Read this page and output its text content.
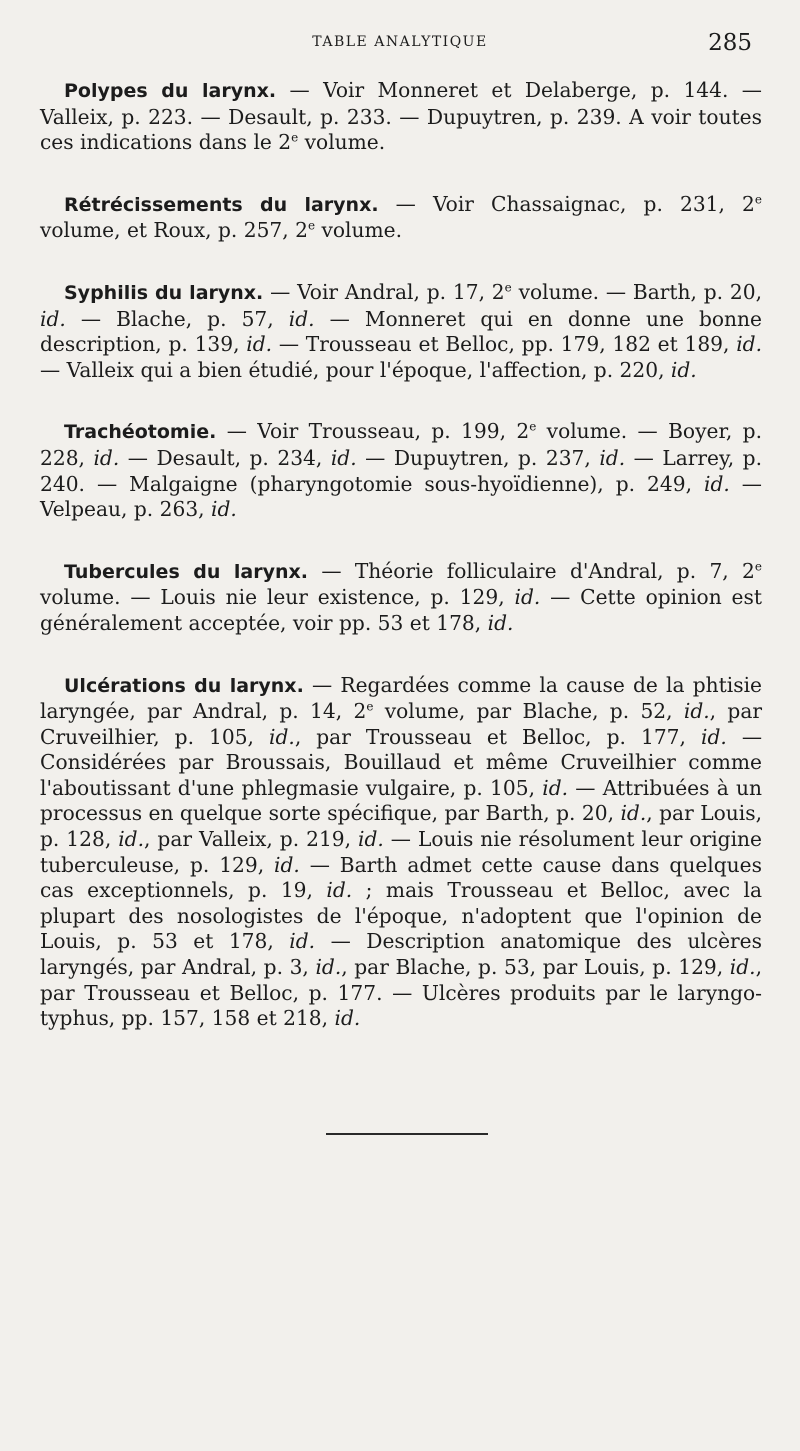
TABLE ANALYTIQUE	285

Polypes du larynx. — Voir Monneret et Delaberge, p. 144. — Valleix, p. 223. — Desault, p. 233. — Dupuytren, p. 239. A voir toutes ces indications dans le 2e volume.

Rétrécissements du larynx. — Voir Chassaignac, p. 231, 2e volume, et Roux, p. 257, 2e volume.

Syphilis du larynx. — Voir Andral, p. 17, 2e volume. — Barth, p. 20, id. — Blache, p. 57, id. — Monneret qui en donne une bonne description, p. 139, id. — Trousseau et Belloc, pp. 179, 182 et 189, id. — Valleix qui a bien étudié, pour l'époque, l'affection, p. 220, id.

Trachéotomie. — Voir Trousseau, p. 199, 2e volume. — Boyer, p. 228, id. — Desault, p. 234, id. — Dupuytren, p. 237, id. — Larrey, p. 240. — Malgaigne (pharyngotomie sous-hyoïdienne), p. 249, id. — Velpeau, p. 263, id.

Tubercules du larynx. — Théorie folliculaire d'Andral, p. 7, 2e volume. — Louis nie leur existence, p. 129, id. — Cette opinion est généralement acceptée, voir pp. 53 et 178, id.

Ulcérations du larynx. — Regardées comme la cause de la phtisie laryngée, par Andral, p. 14, 2e volume, par Blache, p. 52, id., par Cruveilhier, p. 105, id., par Trousseau et Belloc, p. 177, id. — Considérées par Broussais, Bouillaud et même Cruveilhier comme l'aboutissant d'une phlegmasie vulgaire, p. 105, id. — Attribuées à un processus en quelque sorte spécifique, par Barth, p. 20, id., par Louis, p. 128, id., par Valleix, p. 219, id. — Louis nie résolument leur origine tuberculeuse, p. 129, id. — Barth admet cette cause dans quelques cas exceptionnels, p. 19, id. ; mais Trousseau et Belloc, avec la plupart des nosologistes de l'époque, n'adoptent que l'opinion de Louis, p. 53 et 178, id. — Description anatomique des ulcères laryngés, par Andral, p. 3, id., par Blache, p. 53, par Louis, p. 129, id., par Trousseau et Belloc, p. 177. — Ulcères produits par le laryngo-typhus, pp. 157, 158 et 218, id.
